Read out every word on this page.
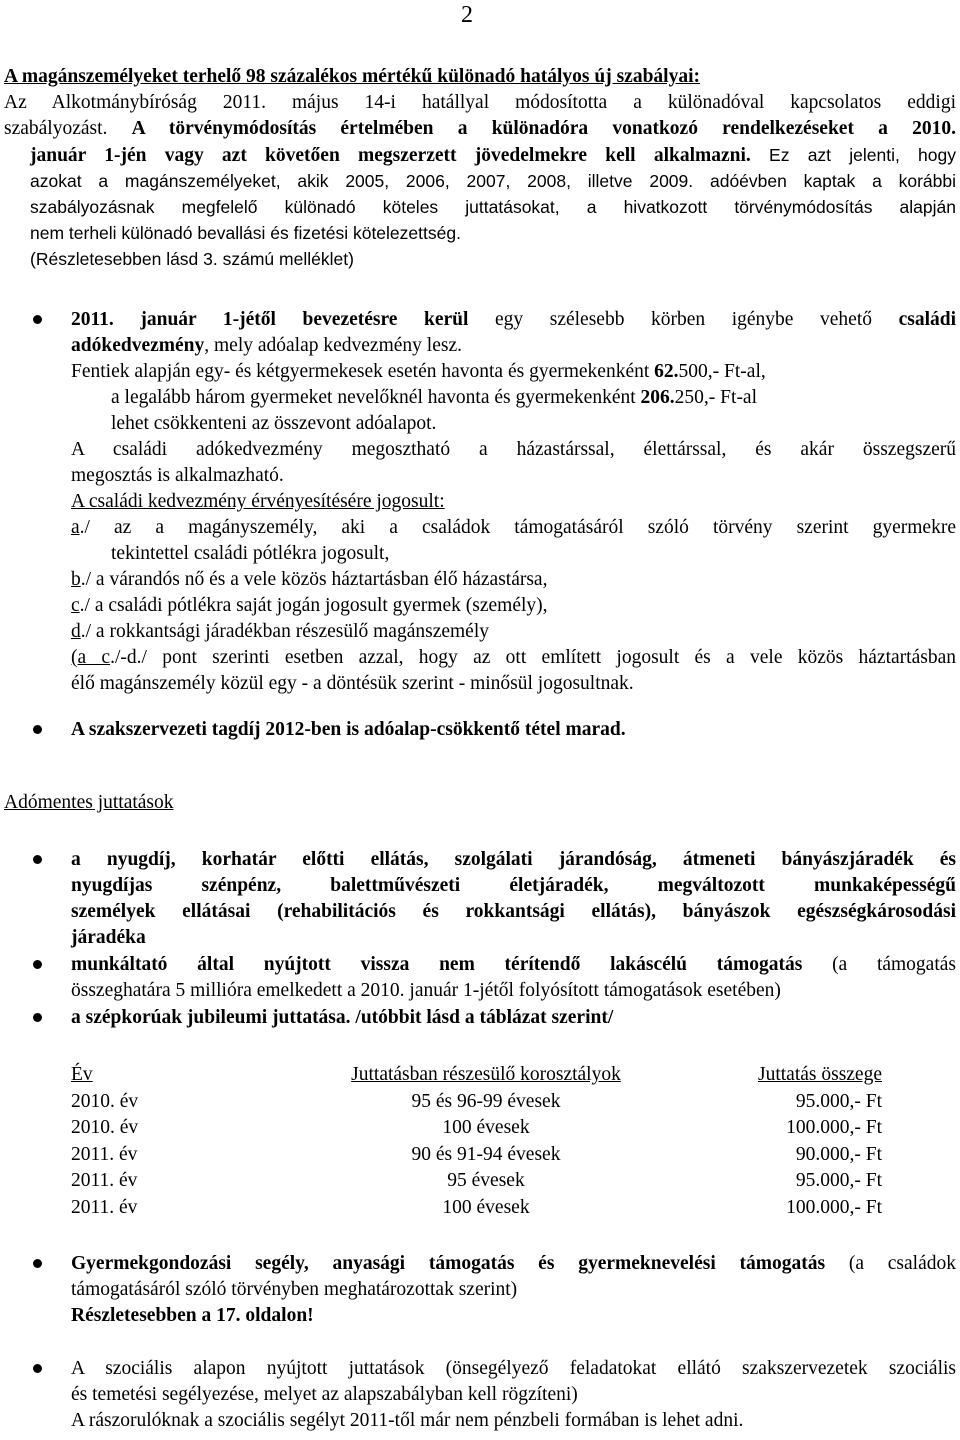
2
A magánszemélyeket terhelő 98 százalékos mértékű különadó hatályos új szabályai:
Az Alkotmánybíróság 2011. május 14-i hatállyal módosította a különadóval kapcsolatos eddigi
szabályozást. A törvénymódosítás értelmében a különadóra vonatkozó rendelkezéseket a 2010.
január 1-jén vagy azt követően megszerzett jövedelmekre kell alkalmazni. Ez azt jelenti, hogy
azokat a magánszemélyeket, akik 2005, 2006, 2007, 2008, illetve 2009. adóévben kaptak a korábbi
szabályozásnak megfelelő különadó köteles juttatásokat, a hivatkozott törvénymódosítás alapján
nem terheli különadó bevallási és fizetési kötelezettség.
(Részletesebben lásd 3. számú melléklet)
2011. január 1-jétől bevezetésre kerül egy szélesebb körben igénybe vehető családi
adókedvezmény, mely adóalap kedvezmény lesz.
Fentiek alapján egy- és kétgyermekesek esetén havonta és gyermekenként 62.500,- Ft-al,
a legalább három gyermeket nevelőknél havonta és gyermekenként 206.250,- Ft-al
lehet csökkenteni az összevont adóalapot.
A családi adókedvezmény megosztható a házastárssal, élettárssal, és akár összegszerű
megosztás is alkalmazható.
A családi kedvezmény érvényesítésére jogosult:
a./ az a magányszemély, aki a családok támogatásáról szóló törvény szerint gyermekre
tekintettel családi pótlékra jogosult,
b./ a várandós nő és a vele közös háztartásban élő házastársa,
c./ a családi pótlékra saját jogán jogosult gyermek (személy),
d./ a rokkantsági járadékban részesülő magánszemély
(a c./-d./ pont szerinti esetben azzal, hogy az ott említett jogosult és a vele közös háztartásban
élő magánszemély közül egy - a döntésük szerint - minősül jogosultnak.
A szakszervezeti tagdíj 2012-ben is adóalap-csökkentő tétel marad.
Adómentes juttatások
a nyugdíj, korhatár előtti ellátás, szolgálati járandóság, átmeneti bányászjáradék és
nyugdíjas szénpénz, balettművészeti életjáradék, megváltozott munkaképességű
személyek ellátásai (rehabilitációs és rokkantsági ellátás), bányászok egészségkárosodási
járadéka
munkáltató által nyújtott vissza nem térítendő lakáscélú támogatás (a támogatás
összeghatára 5 millióra emelkedett a 2010. január 1-jétől folyósított támogatások esetében)
a szépkorúak jubileumi juttatása. /utóbbit lásd a táblázat szerint/
Év	Juttatásban részesülő korosztályok	Juttatás összege
2010. év	95 és 96-99 évesek	95.000,- Ft
2010. év	100 évesek	100.000,- Ft
2011. év	90 és 91-94 évesek	90.000,- Ft
2011. év	95 évesek	95.000,- Ft
2011. év	100 évesek	100.000,- Ft
Gyermekgondozási segély, anyasági támogatás és gyermeknevelési támogatás (a családok
támogatásáról szóló törvényben meghatározottak szerint)
Részletesebben a 17. oldalon!
A szociális alapon nyújtott juttatások (önsegélyező feladatokat ellátó szakszervezetek szociális
és temetési segélyezése, melyet az alapszabályban kell rögzíteni)
A rászorulóknak a szociális segélyt 2011-től már nem pénzbeli formában is lehet adni.
